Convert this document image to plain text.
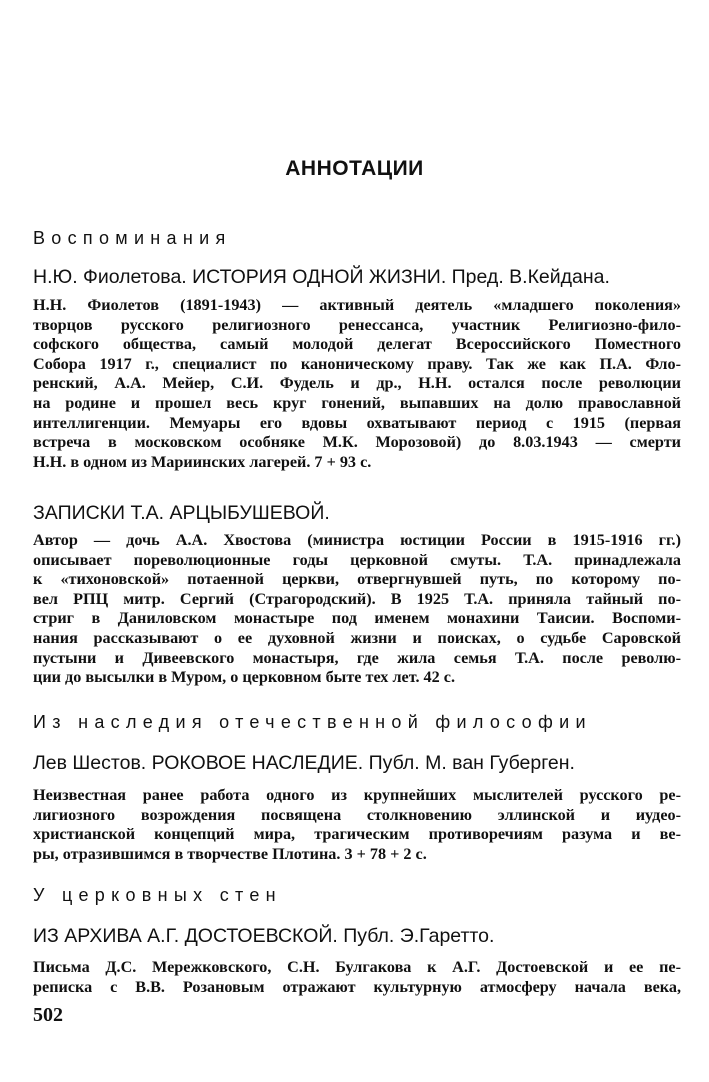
АННОТАЦИИ
Воспоминания
Н.Ю. Фиолетова. ИСТОРИЯ ОДНОЙ ЖИЗНИ. Пред. В.Кейдана.
Н.Н. Фиолетов (1891-1943) — активный деятель «младшего поколения»
творцов русского религиозного ренессанса, участник Религиозно-фило-
софского общества, самый молодой делегат Всероссийского Поместного
Собора 1917 г., специалист по каноническому праву. Так же как П.А. Фло-
ренский, А.А. Мейер, С.И. Фудель и др., Н.Н. остался после революции
на родине и прошел весь круг гонений, выпавших на долю православной
интеллигенции. Мемуары его вдовы охватывают период с 1915 (первая
встреча в московском особняке М.К. Морозовой) до 8.03.1943 — смерти
Н.Н. в одном из Мариинских лагерей. 7 + 93 с.
ЗАПИСКИ Т.А. АРЦЫБУШЕВОЙ.
Автор — дочь А.А. Хвостова (министра юстиции России в 1915-1916 гг.)
описывает пореволюционные годы церковной смуты. Т.А. принадлежала
к «тихоновской» потаенной церкви, отвергнувшей путь, по которому по-
вел РПЦ митр. Сергий (Страгородский). В 1925 Т.А. приняла тайный по-
стриг в Даниловском монастыре под именем монахини Таисии. Воспоми-
нания рассказывают о ее духовной жизни и поисках, о судьбе Саровской
пустыни и Дивеевского монастыря, где жила семья Т.А. после револю-
ции до высылки в Муром, о церковном быте тех лет. 42 с.
Из наследия отечественной философии
Лев Шестов. РОКОВОЕ НАСЛЕДИЕ. Публ. М. ван Губерген.
Неизвестная ранее работа одного из крупнейших мыслителей русского ре-
лигиозного возрождения посвящена столкновению эллинской и иудео-
христианской концепций мира, трагическим противоречиям разума и ве-
ры, отразившимся в творчестве Плотина. 3 + 78 + 2 с.
У церковных стен
ИЗ АРХИВА А.Г. ДОСТОЕВСКОЙ. Публ. Э.Гаретто.
Письма Д.С. Мережковского, С.Н. Булгакова к А.Г. Достоевской и ее пе-
реписка с В.В. Розановым отражают культурную атмосферу начала века,
502
